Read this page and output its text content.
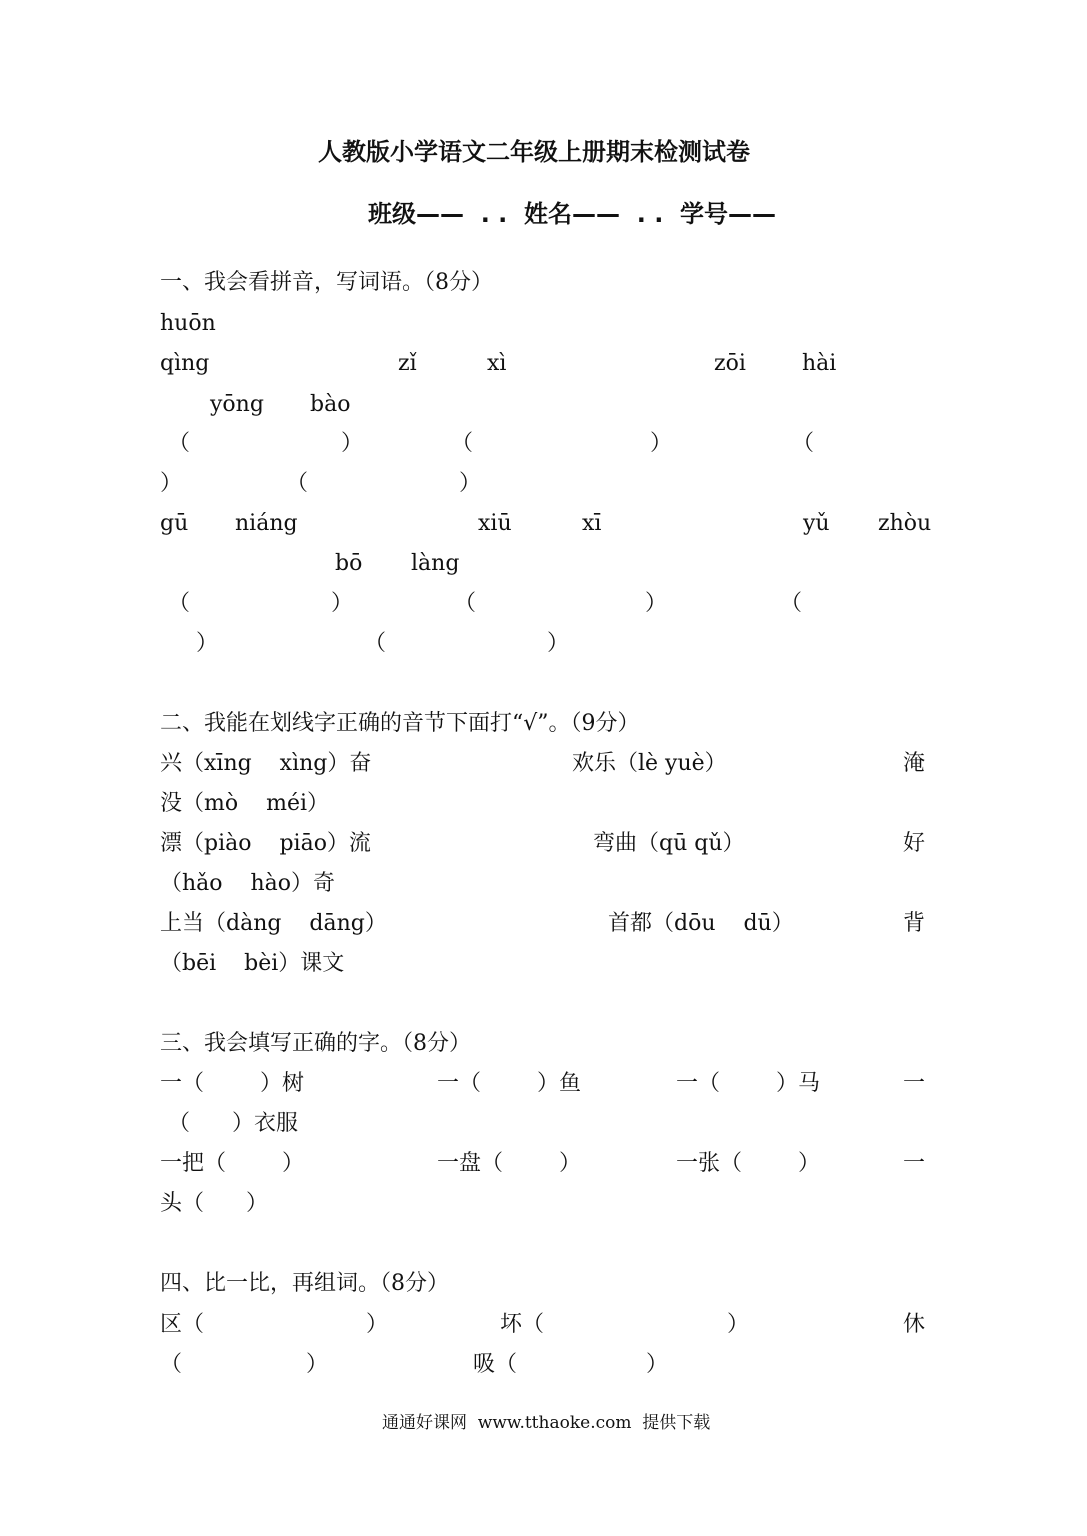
人教版小学语文二年级上册期末检测试卷
班级——  . .  姓名——  . .  学号——
一、我会看拼音，写词语。（8分）
huōn
qìng	zǐ	xì	zōi	hài
yōng bào
（	）	（	）	（
）	（	）
gū niáng	xiū	xī	yǔ zhòu
bō làng
（	）	（	）	（
）	（	）
二、我能在划线字正确的音节下面打“√”。（9分）
兴（xīng    xìng）奋	欢乐（lè yuè）	淹
没（mò    méi）
漂（piào    piāo）流	弯曲（qū qǔ）	好
（hǎo    hào）奇
上当（dàng    dāng）	首都（dōu    dū）	背
（bēi    bèi）课文
三、我会填写正确的字。（8分）
一（        ）树	一（        ）鱼	一（        ）马	一
（      ）衣服
一把（        ）	一盘（        ）	一张（        ）	一
头（      ）
四、比一比，再组词。（8分）
区（	）	坏（	）	休
（	）	吸（	）
通通好课网  www.tthaoke.com  提供下载
